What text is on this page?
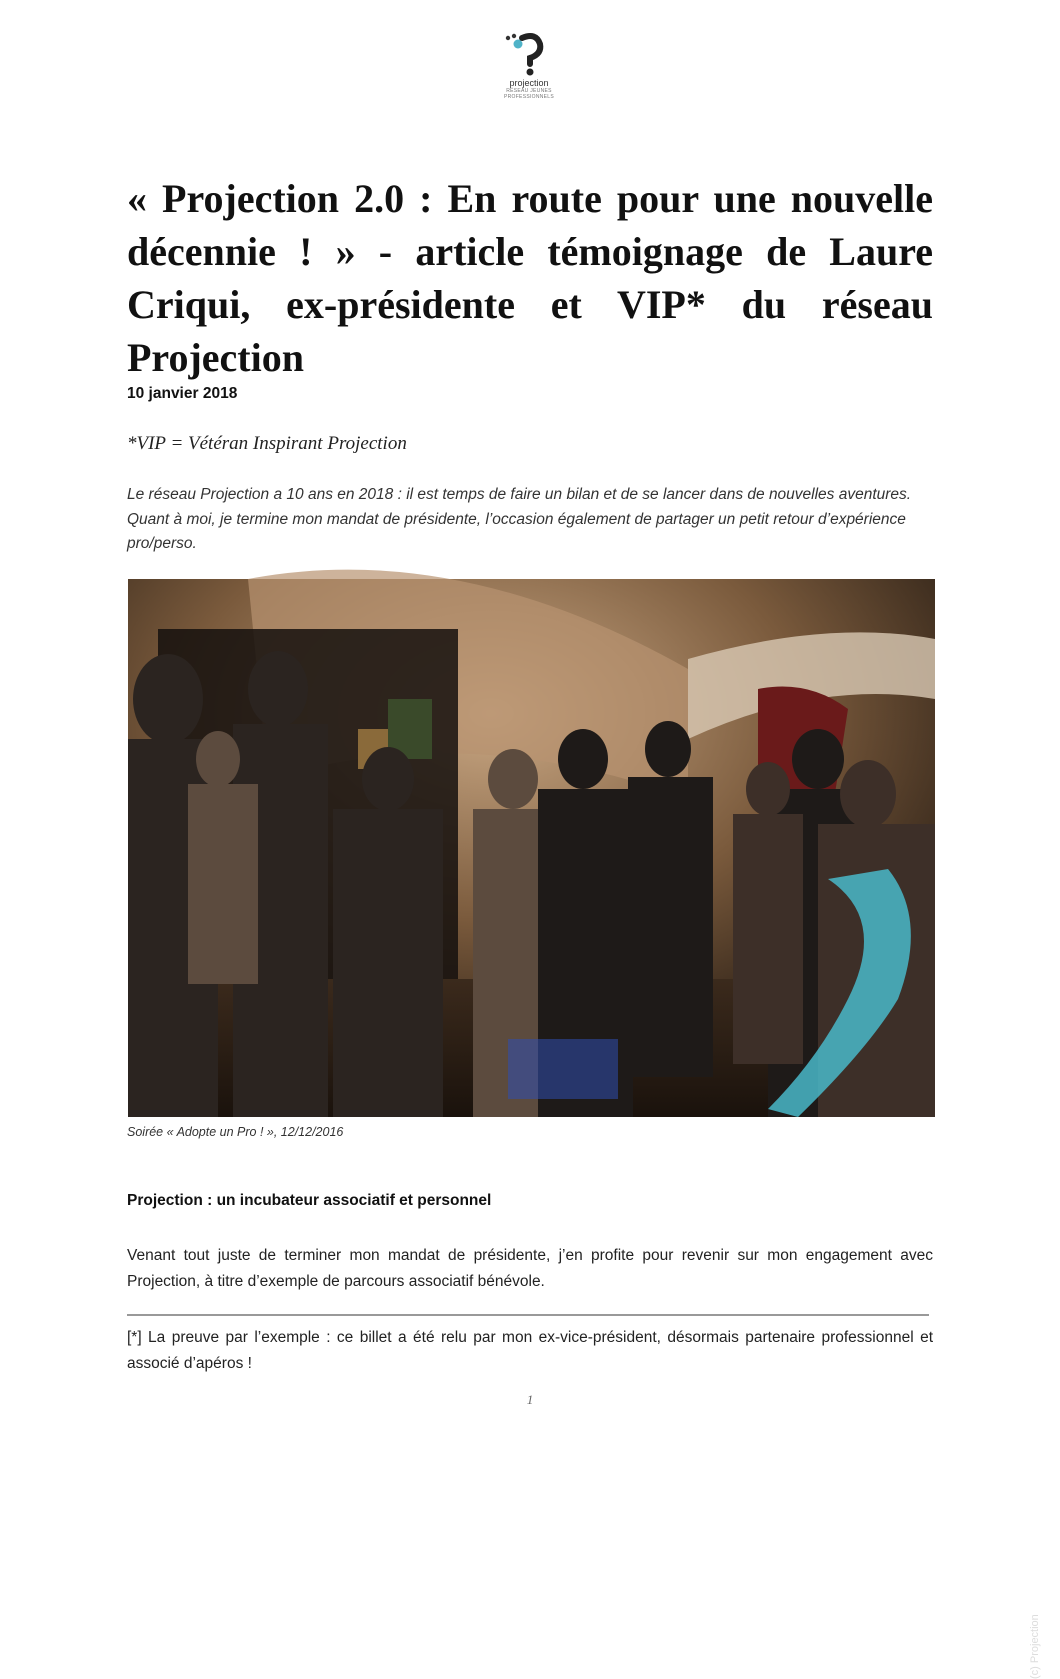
projection
RÉSEAU JEUNES PROFESSIONNELS
« Projection 2.0 : En route pour une nouvelle décennie ! » - article témoignage de Laure Criqui, ex-présidente et VIP* du réseau Projection
10 janvier 2018
*VIP = Vétéran Inspirant Projection

Le réseau Projection a 10 ans en 2018 : il est temps de faire un bilan et de se lancer dans de nouvelles aventures. Quant à moi, je termine mon mandat de présidente, l’occasion également de partager un petit retour d’expérience pro/perso.

(c) Projection
Soirée « Adopte un Pro ! », 12/12/2016
Projection : un incubateur associatif et personnel

Venant tout juste de terminer mon mandat de présidente, j’en profite pour revenir sur mon engagement avec Projection, à titre d’exemple de parcours associatif bénévole.

[*] La preuve par l’exemple : ce billet a été relu par mon ex-vice-président, désormais partenaire professionnel et associé d’apéros !

1
